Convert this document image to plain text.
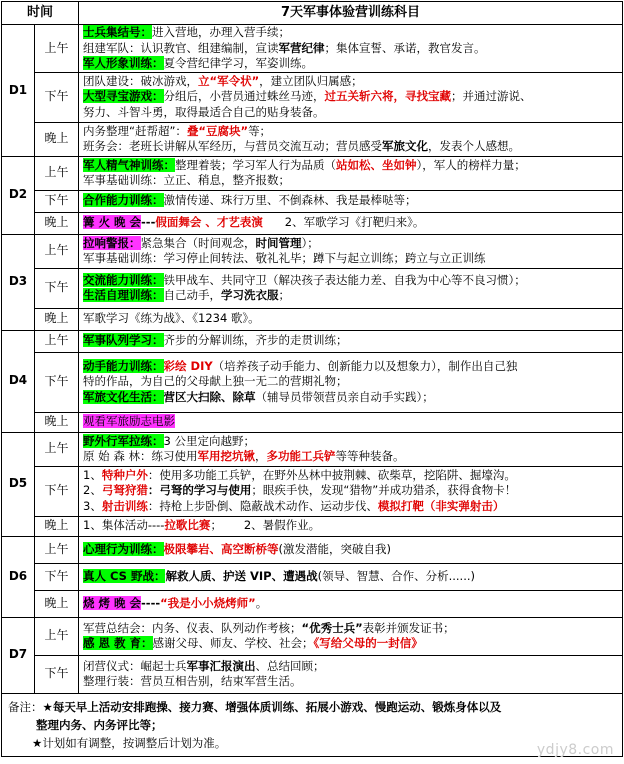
时间		7天军事体验营训练科目
D1	上午	士兵集结号：进入营地，办理入营手续；
组建军队：认识教官、组建编制，宣读军营纪律；集体宣誓、承诺，教官发言。
军人形象训练：夏令营纪律学习，军姿训练。

	下午	团队建设：破冰游戏，立“军令状”，建立团队归属感；
大型寻宝游戏：分组后，小营员通过蛛丝马迹，过五关斩六将，寻找宝藏；并通过游说、
努力、斗智斗勇，取得最适合自己的贴身装备。

	晚上	内务整理“赶帮超”：叠“豆腐块”等；
班务会：老班长讲解从军经历，与营员交流互动；营员感受军旅文化，发表个人感想。

D2	上午	军人精气神训练：整理着装；学习军人行为品质（站如松、坐如钟），军人的榜样力量；
军事基础训练：立正、稍息，整齐报数；

	下午	合作能力训练：激情传递、珠行万里、不倒森林、我是最棒哒等；

	晚上	篝 火 晚 会---假面舞会 、才艺表演      2、军歌学习《打靶归来》。

D3	上午	拉响警报：紧急集合（时间观念，时间管理）；
军事基础训练：学习停止间转法、敬礼礼毕；蹲下与起立训练；跨立与立正训练

	下午	交流能力训练：铁甲战车、共同守卫（解决孩子表达能力差、自我为中心等不良习惯）；
生活自理训练：自己动手，学习洗衣服；

	晚上	军歌学习《练为战》、《1234 歌》。

D4	上午	军事队列学习：齐步的分解训练，齐步的走贯训练；

	下午	动手能力训练：彩绘 DIY（培养孩子动手能力、创新能力以及想象力），制作出自己独
特的作品，为自己的父母献上独一无二的营期礼物；
军旅文化生活：营区大扫除、除草（辅导员带领营员亲自动手实践）；

	晚上	观看军旅励志电影

D5	上午	野外行军拉练：3 公里定向越野；
原 始 森 林：练习使用军用挖坑锹，多功能工兵铲等等种装备。

	下午	1、特种户外：使用多功能工兵铲，在野外丛林中披荆棘、砍柴草，挖陷阱、掘壕沟。
2、弓弩狩猎：弓弩的学习与使用；眼疾手快，发现“猎物”并成功猎杀，获得食物卡！
3、射击训练：持枪上步卧倒、隐蔽战术动作、运动步伐、模拟打靶（非实弹射击）

	晚上	1、集体活动----拉歌比赛；      2、暑假作业。

D6	上午	心理行为训练：极限攀岩、高空断桥等(激发潜能，突破自我)

	下午	真人 CS 野战：解救人质、护送 VIP、遭遇战(领导、智慧、合作、分析......)

	晚上	烧 烤 晚 会----“我是小小烧烤师”。

D7	上午	军营总结会：内务、仪表、队列动作考核；“优秀士兵”表彰并颁发证书；
感 恩 教 育：感谢父母、师友、学校、社会；《写给父母的一封信》

	下午	闭营仪式：崛起士兵军事汇报演出、总结回顾；
整理行装：营员互相告别，结束军营生活。

备注：★每天早上活动安排跑操、接力赛、增强体质训练、拓展小游戏、慢跑运动、锻炼身体以及
整理内务、内务评比等；
★计划如有调整，按调整后计划为准。			ydjy8.com
